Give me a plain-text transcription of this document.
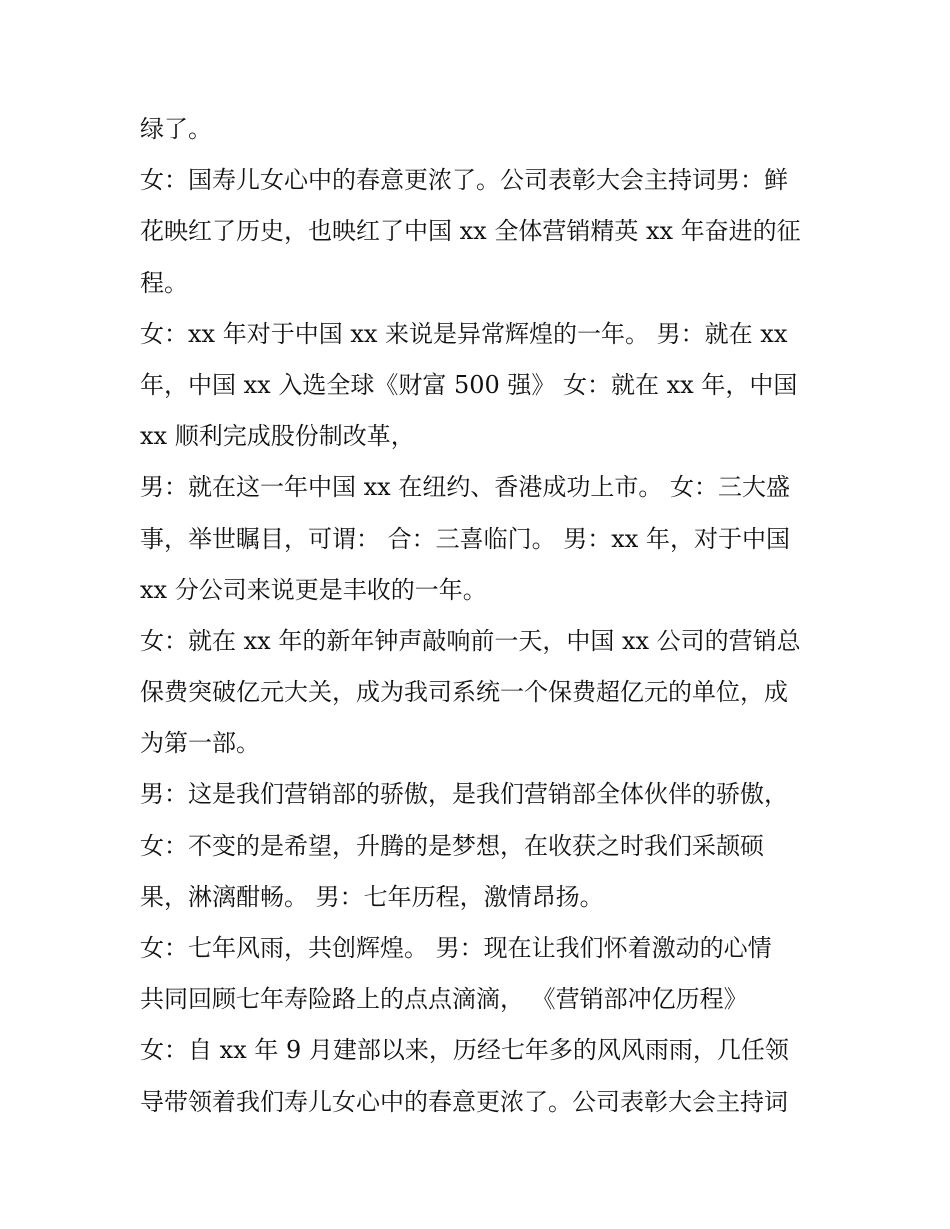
绿了。
女：国寿儿女心中的春意更浓了。公司表彰大会主持词男：鲜
花映红了历史，也映红了中国 xx 全体营销精英 xx 年奋进的征
程。
女：xx 年对于中国 xx 来说是异常辉煌的一年。 男：就在 xx
年，中国 xx 入选全球《财富 500 强》 女：就在 xx 年，中国
xx 顺利完成股份制改革，
男：就在这一年中国 xx 在纽约、香港成功上市。 女：三大盛
事，举世瞩目，可谓： 合：三喜临门。 男：xx 年，对于中国
xx 分公司来说更是丰收的一年。
女：就在 xx 年的新年钟声敲响前一天，中国 xx 公司的营销总
保费突破亿元大关，成为我司系统一个保费超亿元的单位，成
为第一部。
男：这是我们营销部的骄傲，是我们营销部全体伙伴的骄傲，
女：不变的是希望，升腾的是梦想，在收获之时我们采颉硕
果，淋漓酣畅。 男：七年历程，激情昂扬。
女：七年风雨，共创辉煌。 男：现在让我们怀着激动的心情
共同回顾七年寿险路上的点点滴滴， 《营销部冲亿历程》
女：自 xx 年 9 月建部以来，历经七年多的风风雨雨，几任领
导带领着我们寿儿女心中的春意更浓了。公司表彰大会主持词
